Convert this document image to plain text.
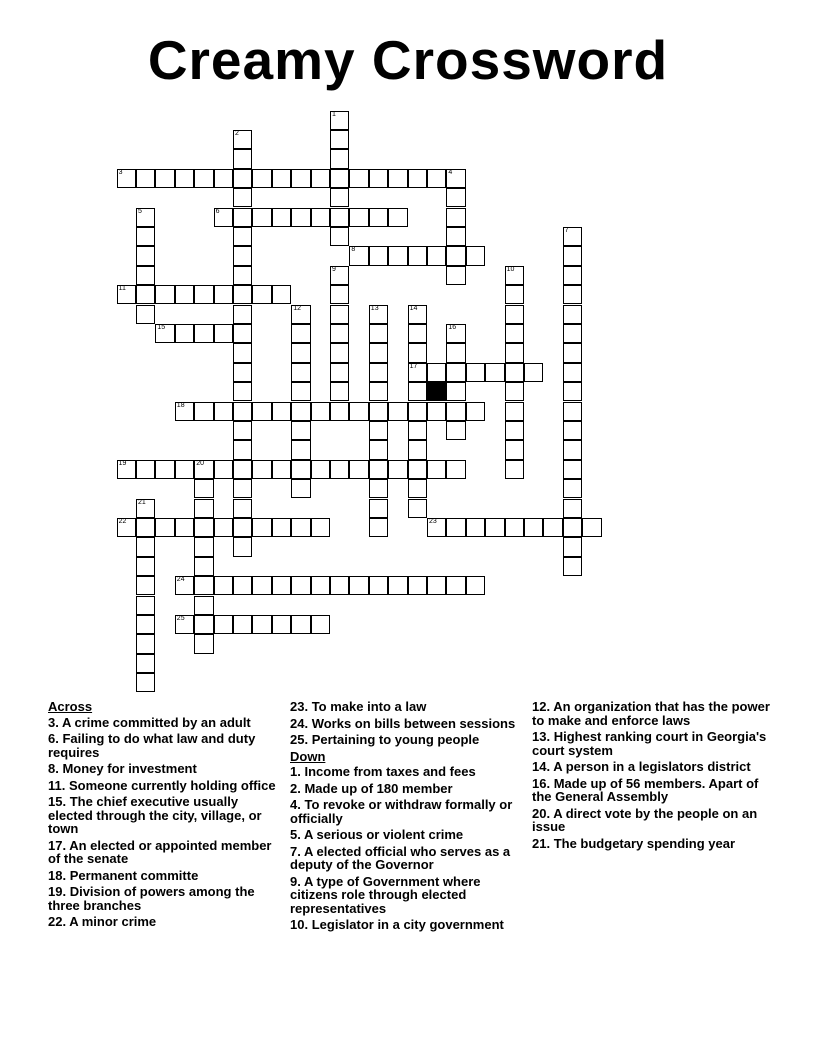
Creamy Crossword
3	4
6
8
11
15
17
18
19	20
22	23
24
25
1
2
5
7
9	10
12	13	14
16
21
Across
3. A crime committed by an adult
6. Failing to do what law and duty requires
8. Money for investment
11. Someone currently holding office
15. The chief executive usually elected through the city, village, or town
17. An elected or appointed member of the senate
18. Permanent committe
19. Division of powers among the three branches
22. A minor crime
23. To make into a law
24. Works on bills between sessions
25. Pertaining to young people
Down
1. Income from taxes and fees
2. Made up of 180 member
4. To revoke or withdraw formally or officially
5. A serious or violent crime
7. A elected official who serves as a deputy of the Governor
9. A type of Government where citizens role through elected representatives
10. Legislator in a city government
12. An organization that has the power to make and enforce laws
13. Highest ranking court in Georgia's court system
14. A person in a legislators district
16. Made up of 56 members. Apart of the General Assembly
20. A direct vote by the people on an issue
21. The budgetary spending year
